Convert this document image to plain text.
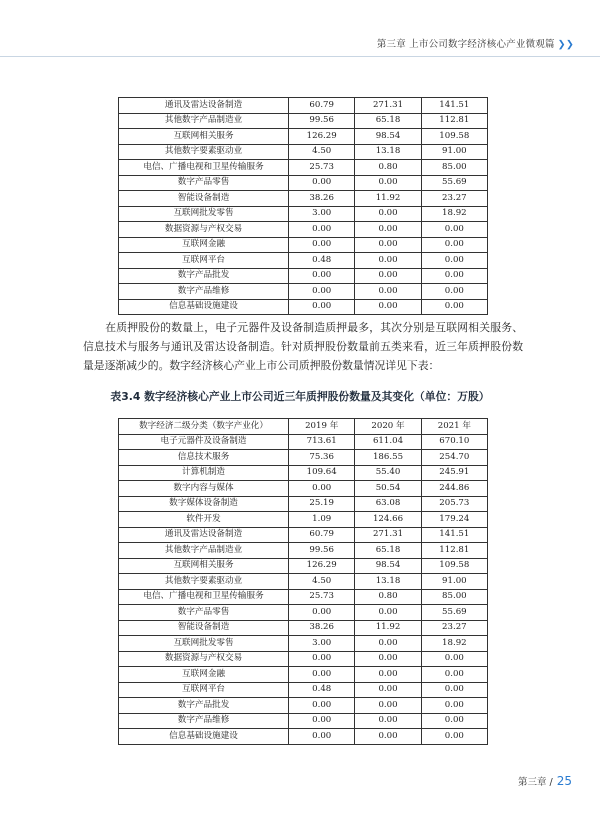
第三章 上市公司数字经济核心产业微观篇 ❯❯
通讯及雷达设备制造	60.79	271.31	141.51
其他数字产品制造业	99.56	65.18	112.81
互联网相关服务	126.29	98.54	109.58
其他数字要素驱动业	4.50	13.18	91.00
电信、广播电视和卫星传输服务	25.73	0.80	85.00
数字产品零售	0.00	0.00	55.69
智能设备制造	38.26	11.92	23.27
互联网批发零售	3.00	0.00	18.92
数据资源与产权交易	0.00	0.00	0.00
互联网金融	0.00	0.00	0.00
互联网平台	0.48	0.00	0.00
数字产品批发	0.00	0.00	0.00
数字产品维修	0.00	0.00	0.00
信息基础设施建设	0.00	0.00	0.00
在质押股份的数量上，电子元器件及设备制造质押最多，其次分别是互联网相关服务、信息技术与服务与通讯及雷达设备制造。针对质押股份数量前五类来看，近三年质押股份数量是逐渐减少的。数字经济核心产业上市公司质押股份数量情况详见下表：
表3.4 数字经济核心产业上市公司近三年质押股份数量及其变化（单位：万股）
数字经济二级分类（数字产业化）	2019 年	2020 年	2021 年
电子元器件及设备制造	713.61	611.04	670.10
信息技术服务	75.36	186.55	254.70
计算机制造	109.64	55.40	245.91
数字内容与媒体	0.00	50.54	244.86
数字媒体设备制造	25.19	63.08	205.73
软件开发	1.09	124.66	179.24
通讯及雷达设备制造	60.79	271.31	141.51
其他数字产品制造业	99.56	65.18	112.81
互联网相关服务	126.29	98.54	109.58
其他数字要素驱动业	4.50	13.18	91.00
电信、广播电视和卫星传输服务	25.73	0.80	85.00
数字产品零售	0.00	0.00	55.69
智能设备制造	38.26	11.92	23.27
互联网批发零售	3.00	0.00	18.92
数据资源与产权交易	0.00	0.00	0.00
互联网金融	0.00	0.00	0.00
互联网平台	0.48	0.00	0.00
数字产品批发	0.00	0.00	0.00
数字产品维修	0.00	0.00	0.00
信息基础设施建设	0.00	0.00	0.00
第三章 / 25
